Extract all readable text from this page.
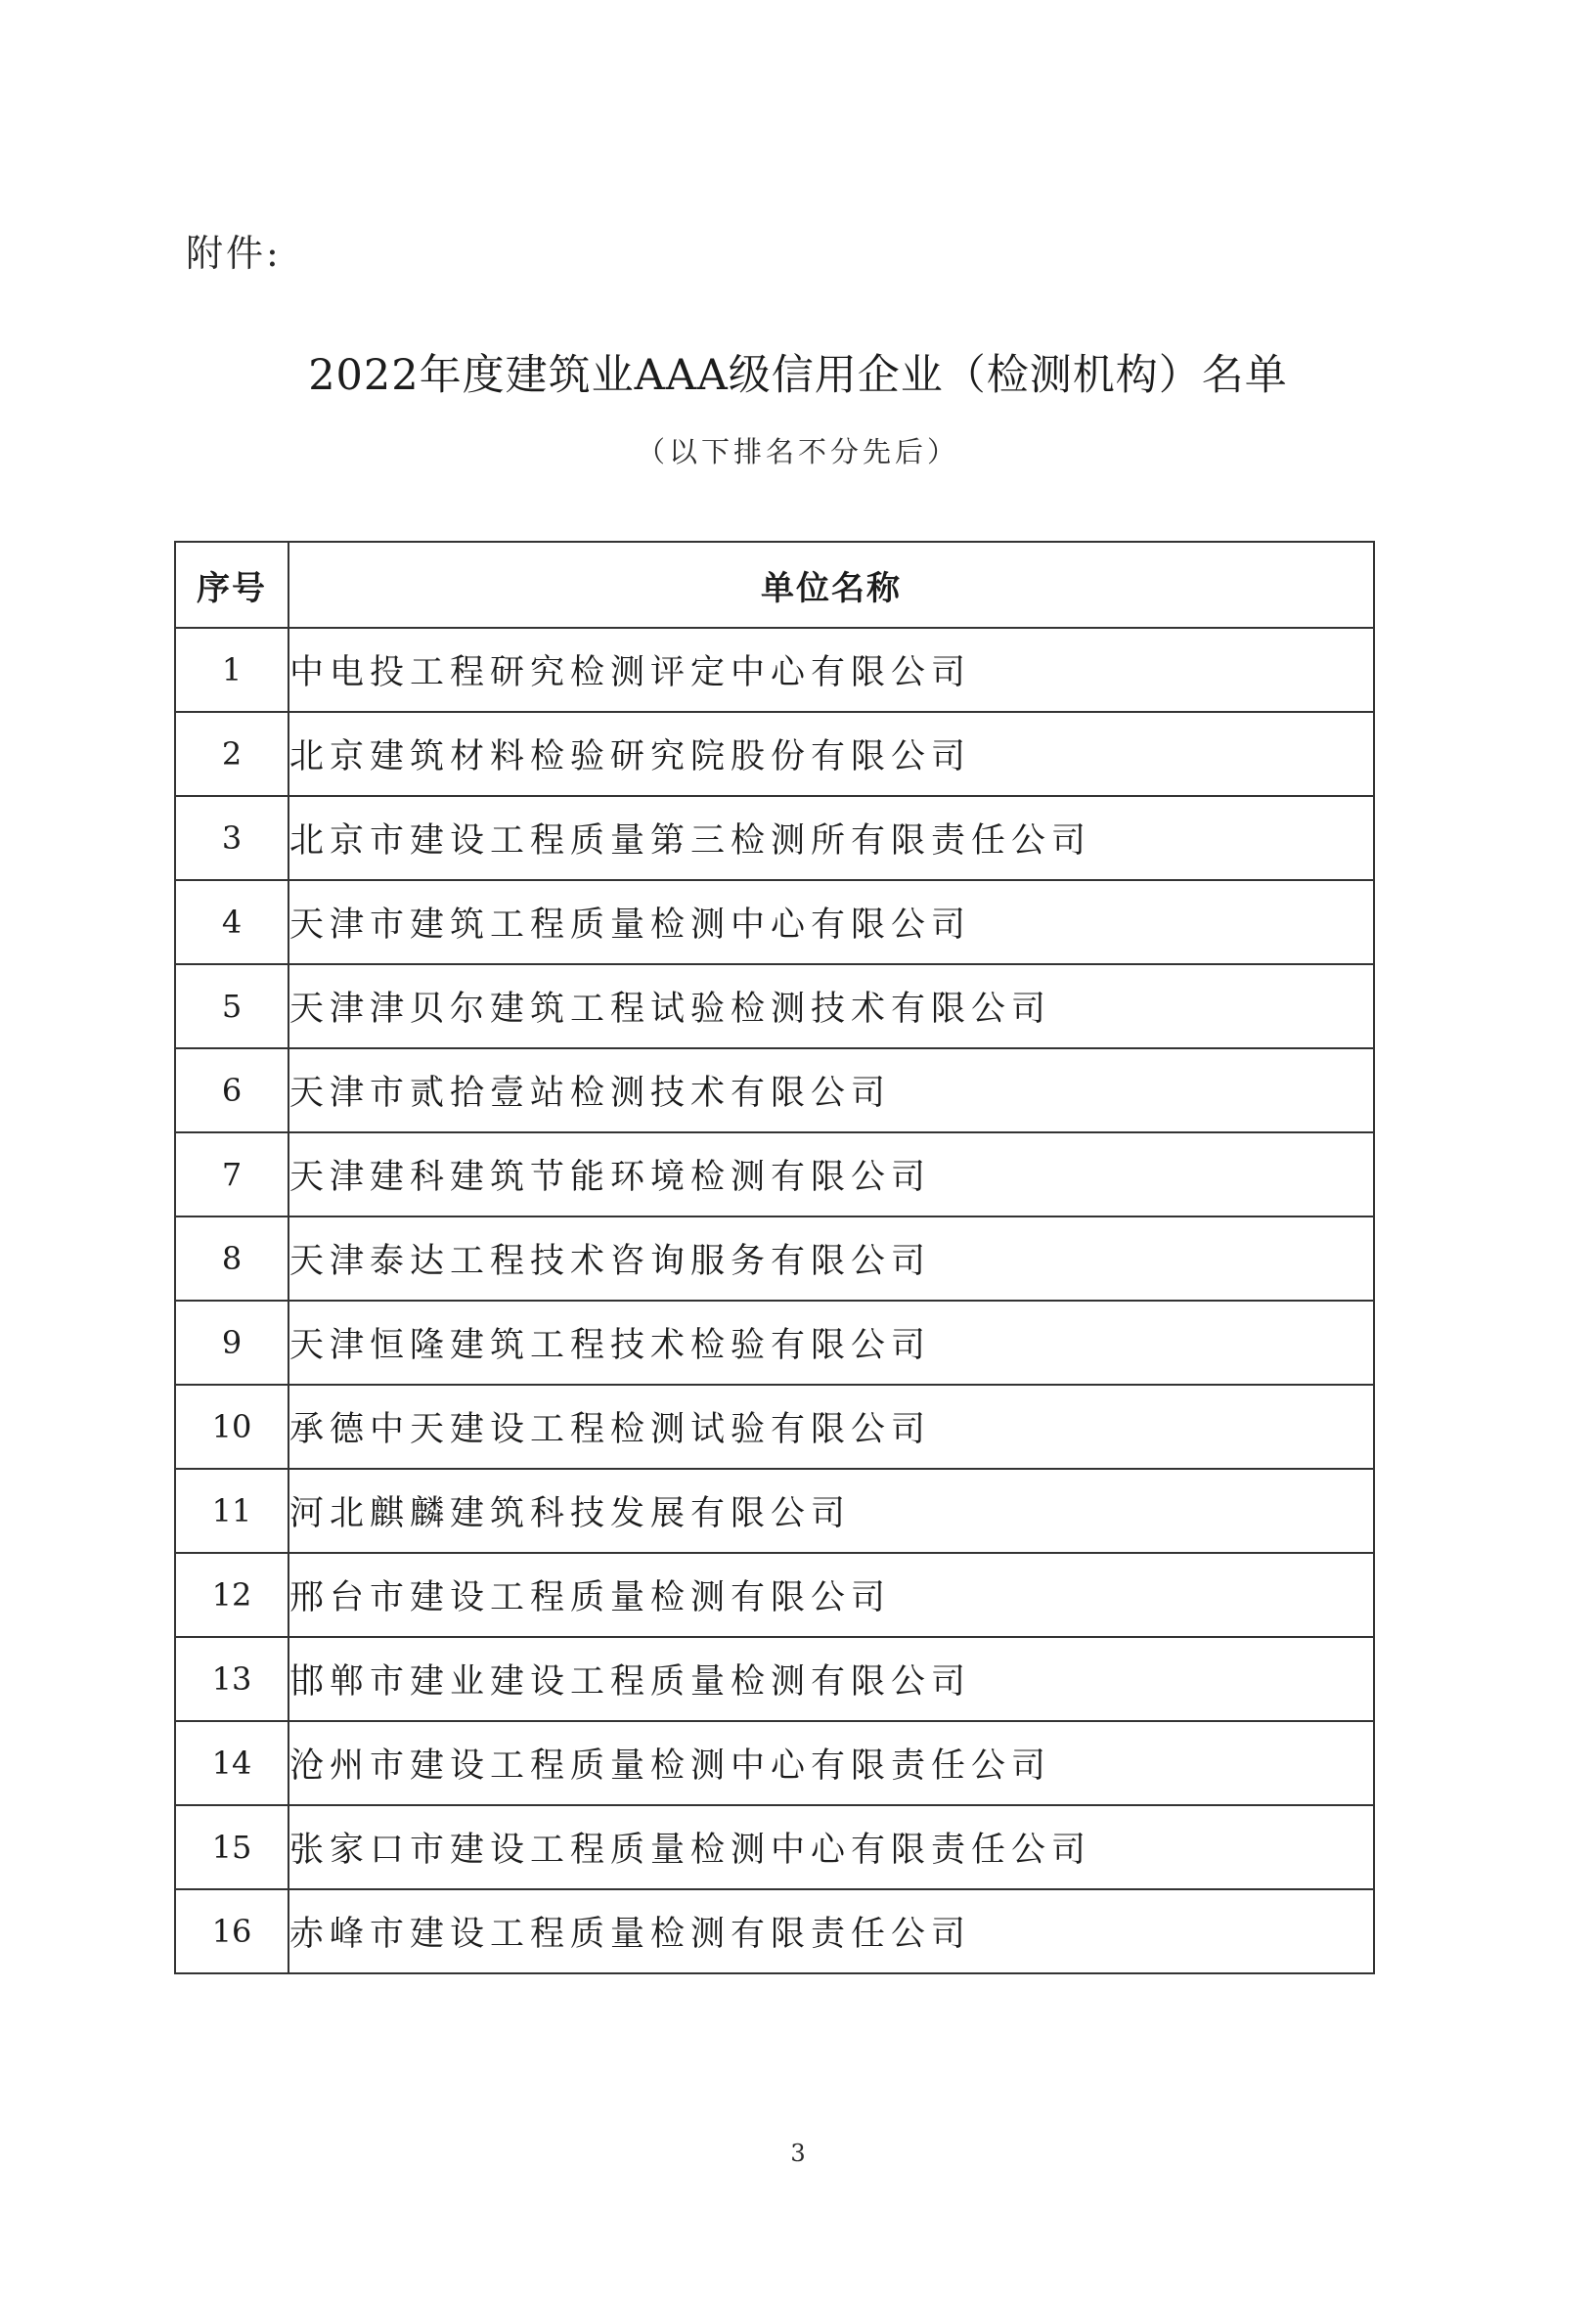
附件:
2022年度建筑业AAA级信用企业（检测机构）名单
（以下排名不分先后）
序号	单位名称
1	中电投工程研究检测评定中心有限公司
2	北京建筑材料检验研究院股份有限公司
3	北京市建设工程质量第三检测所有限责任公司
4	天津市建筑工程质量检测中心有限公司
5	天津津贝尔建筑工程试验检测技术有限公司
6	天津市贰拾壹站检测技术有限公司
7	天津建科建筑节能环境检测有限公司
8	天津泰达工程技术咨询服务有限公司
9	天津恒隆建筑工程技术检验有限公司
10	承德中天建设工程检测试验有限公司
11	河北麒麟建筑科技发展有限公司
12	邢台市建设工程质量检测有限公司
13	邯郸市建业建设工程质量检测有限公司
14	沧州市建设工程质量检测中心有限责任公司
15	张家口市建设工程质量检测中心有限责任公司
16	赤峰市建设工程质量检测有限责任公司
3
